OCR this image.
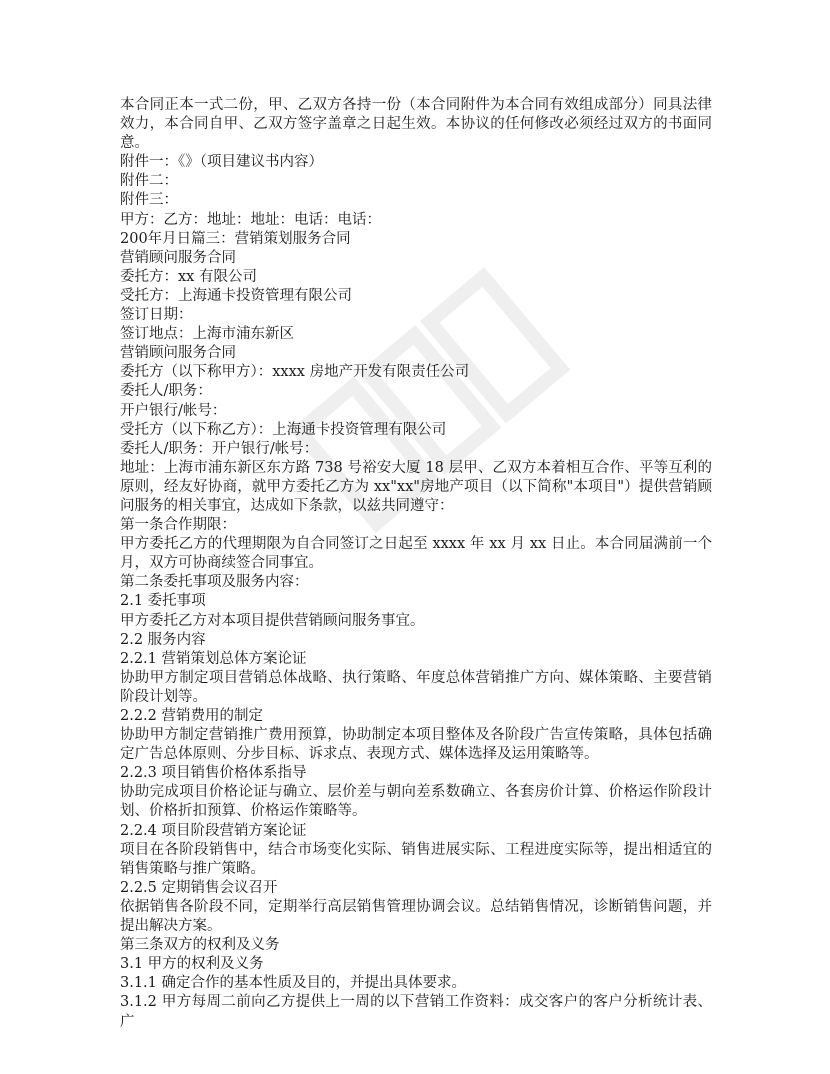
本合同正本一式二份，甲、乙双方各持一份（本合同附件为本合同有效组成部分）同具法律效力，本合同自甲、乙双方签字盖章之日起生效。本协议的任何修改必须经过双方的书面同意。

附件一：《》（项目建议书内容）

附件二：

附件三：

甲方：乙方：地址：地址：电话：电话：

200年月日篇三：营销策划服务合同

营销顾问服务合同

委托方：xx 有限公司

受托方：上海通卡投资管理有限公司

签订日期：

签订地点：上海市浦东新区

营销顾问服务合同

委托方（以下称甲方）：xxxx 房地产开发有限责任公司

委托人/职务：

开户银行/帐号：

受托方（以下称乙方）：上海通卡投资管理有限公司

委托人/职务：开户银行/帐号：

地址：上海市浦东新区东方路 738 号裕安大厦 18 层甲、乙双方本着相互合作、平等互利的原则，经友好协商，就甲方委托乙方为 xx"xx"房地产项目（以下简称"本项目"）提供营销顾问服务的相关事宜，达成如下条款，以兹共同遵守：

第一条合作期限：

甲方委托乙方的代理期限为自合同签订之日起至 xxxx 年 xx 月 xx 日止。本合同届满前一个月，双方可协商续签合同事宜。

第二条委托事项及服务内容：

2.1 委托事项

甲方委托乙方对本项目提供营销顾问服务事宜。

2.2 服务内容

2.2.1 营销策划总体方案论证

协助甲方制定项目营销总体战略、执行策略、年度总体营销推广方向、媒体策略、主要营销阶段计划等。

2.2.2 营销费用的制定

协助甲方制定营销推广费用预算，协助制定本项目整体及各阶段广告宣传策略，具体包括确定广告总体原则、分步目标、诉求点、表现方式、媒体选择及运用策略等。

2.2.3 项目销售价格体系指导

协助完成项目价格论证与确立、层价差与朝向差系数确立、各套房价计算、价格运作阶段计划、价格折扣预算、价格运作策略等。

2.2.4 项目阶段营销方案论证

项目在各阶段销售中，结合市场变化实际、销售进展实际、工程进度实际等，提出相适宜的销售策略与推广策略。

2.2.5 定期销售会议召开

依据销售各阶段不同，定期举行高层销售管理协调会议。总结销售情况，诊断销售问题，并提出解决方案。

第三条双方的权利及义务

3.1 甲方的权利及义务

3.1.1 确定合作的基本性质及目的，并提出具体要求。

3.1.2 甲方每周二前向乙方提供上一周的以下营销工作资料：成交客户的客户分析统计表、广
